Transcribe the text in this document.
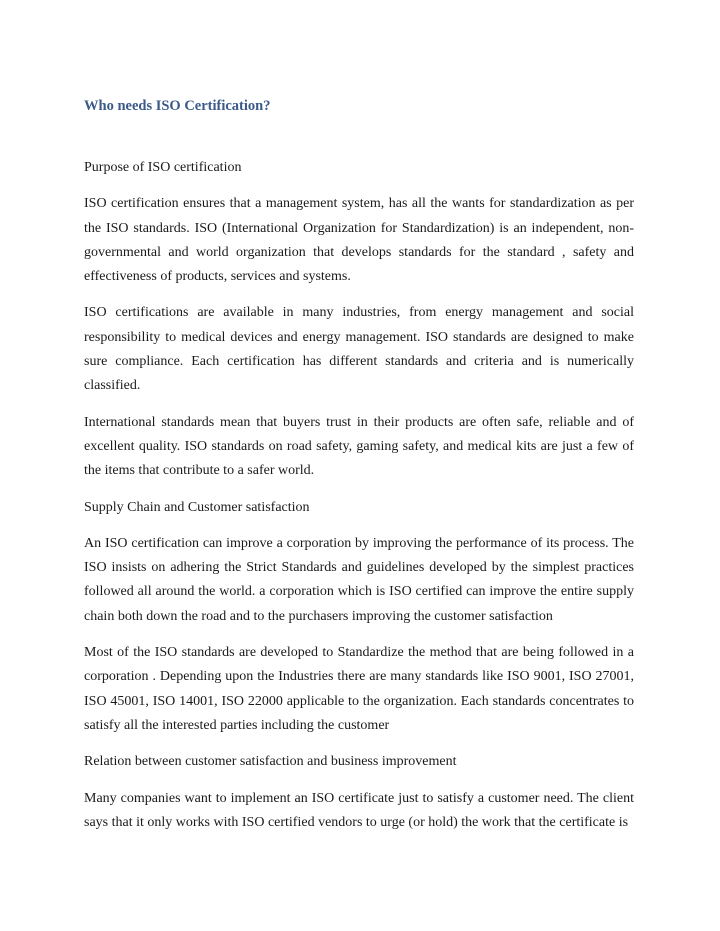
Who needs ISO Certification?

Purpose of ISO certification

ISO certification ensures that a management system, has all the wants for standardization as per the ISO standards. ISO (International Organization for Standardization) is an independent, non-governmental and world organization that develops standards for the standard , safety and effectiveness of products, services and systems.

ISO certifications are available in many industries, from energy management and social responsibility to medical devices and energy management. ISO standards are designed to make sure compliance. Each certification has different standards and criteria and is numerically classified.

International standards mean that buyers trust in their products are often safe, reliable and of excellent quality. ISO standards on road safety, gaming safety, and medical kits are just a few of the items that contribute to a safer world.

Supply Chain and Customer satisfaction

An ISO certification can improve a corporation by improving the performance of its process. The ISO insists on adhering the Strict Standards and guidelines developed by the simplest practices followed all around the world. a corporation which is ISO certified can improve the entire supply chain both down the road and to the purchasers improving the customer satisfaction

Most of the ISO standards are developed to Standardize the method that are being followed in a corporation . Depending upon the Industries there are many standards like ISO 9001, ISO 27001, ISO 45001, ISO 14001, ISO 22000 applicable to the organization. Each standards concentrates to satisfy all the interested parties including the customer

Relation between customer satisfaction and business improvement

Many companies want to implement an ISO certificate just to satisfy a customer need. The client says that it only works with ISO certified vendors to urge (or hold) the work that the certificate is
